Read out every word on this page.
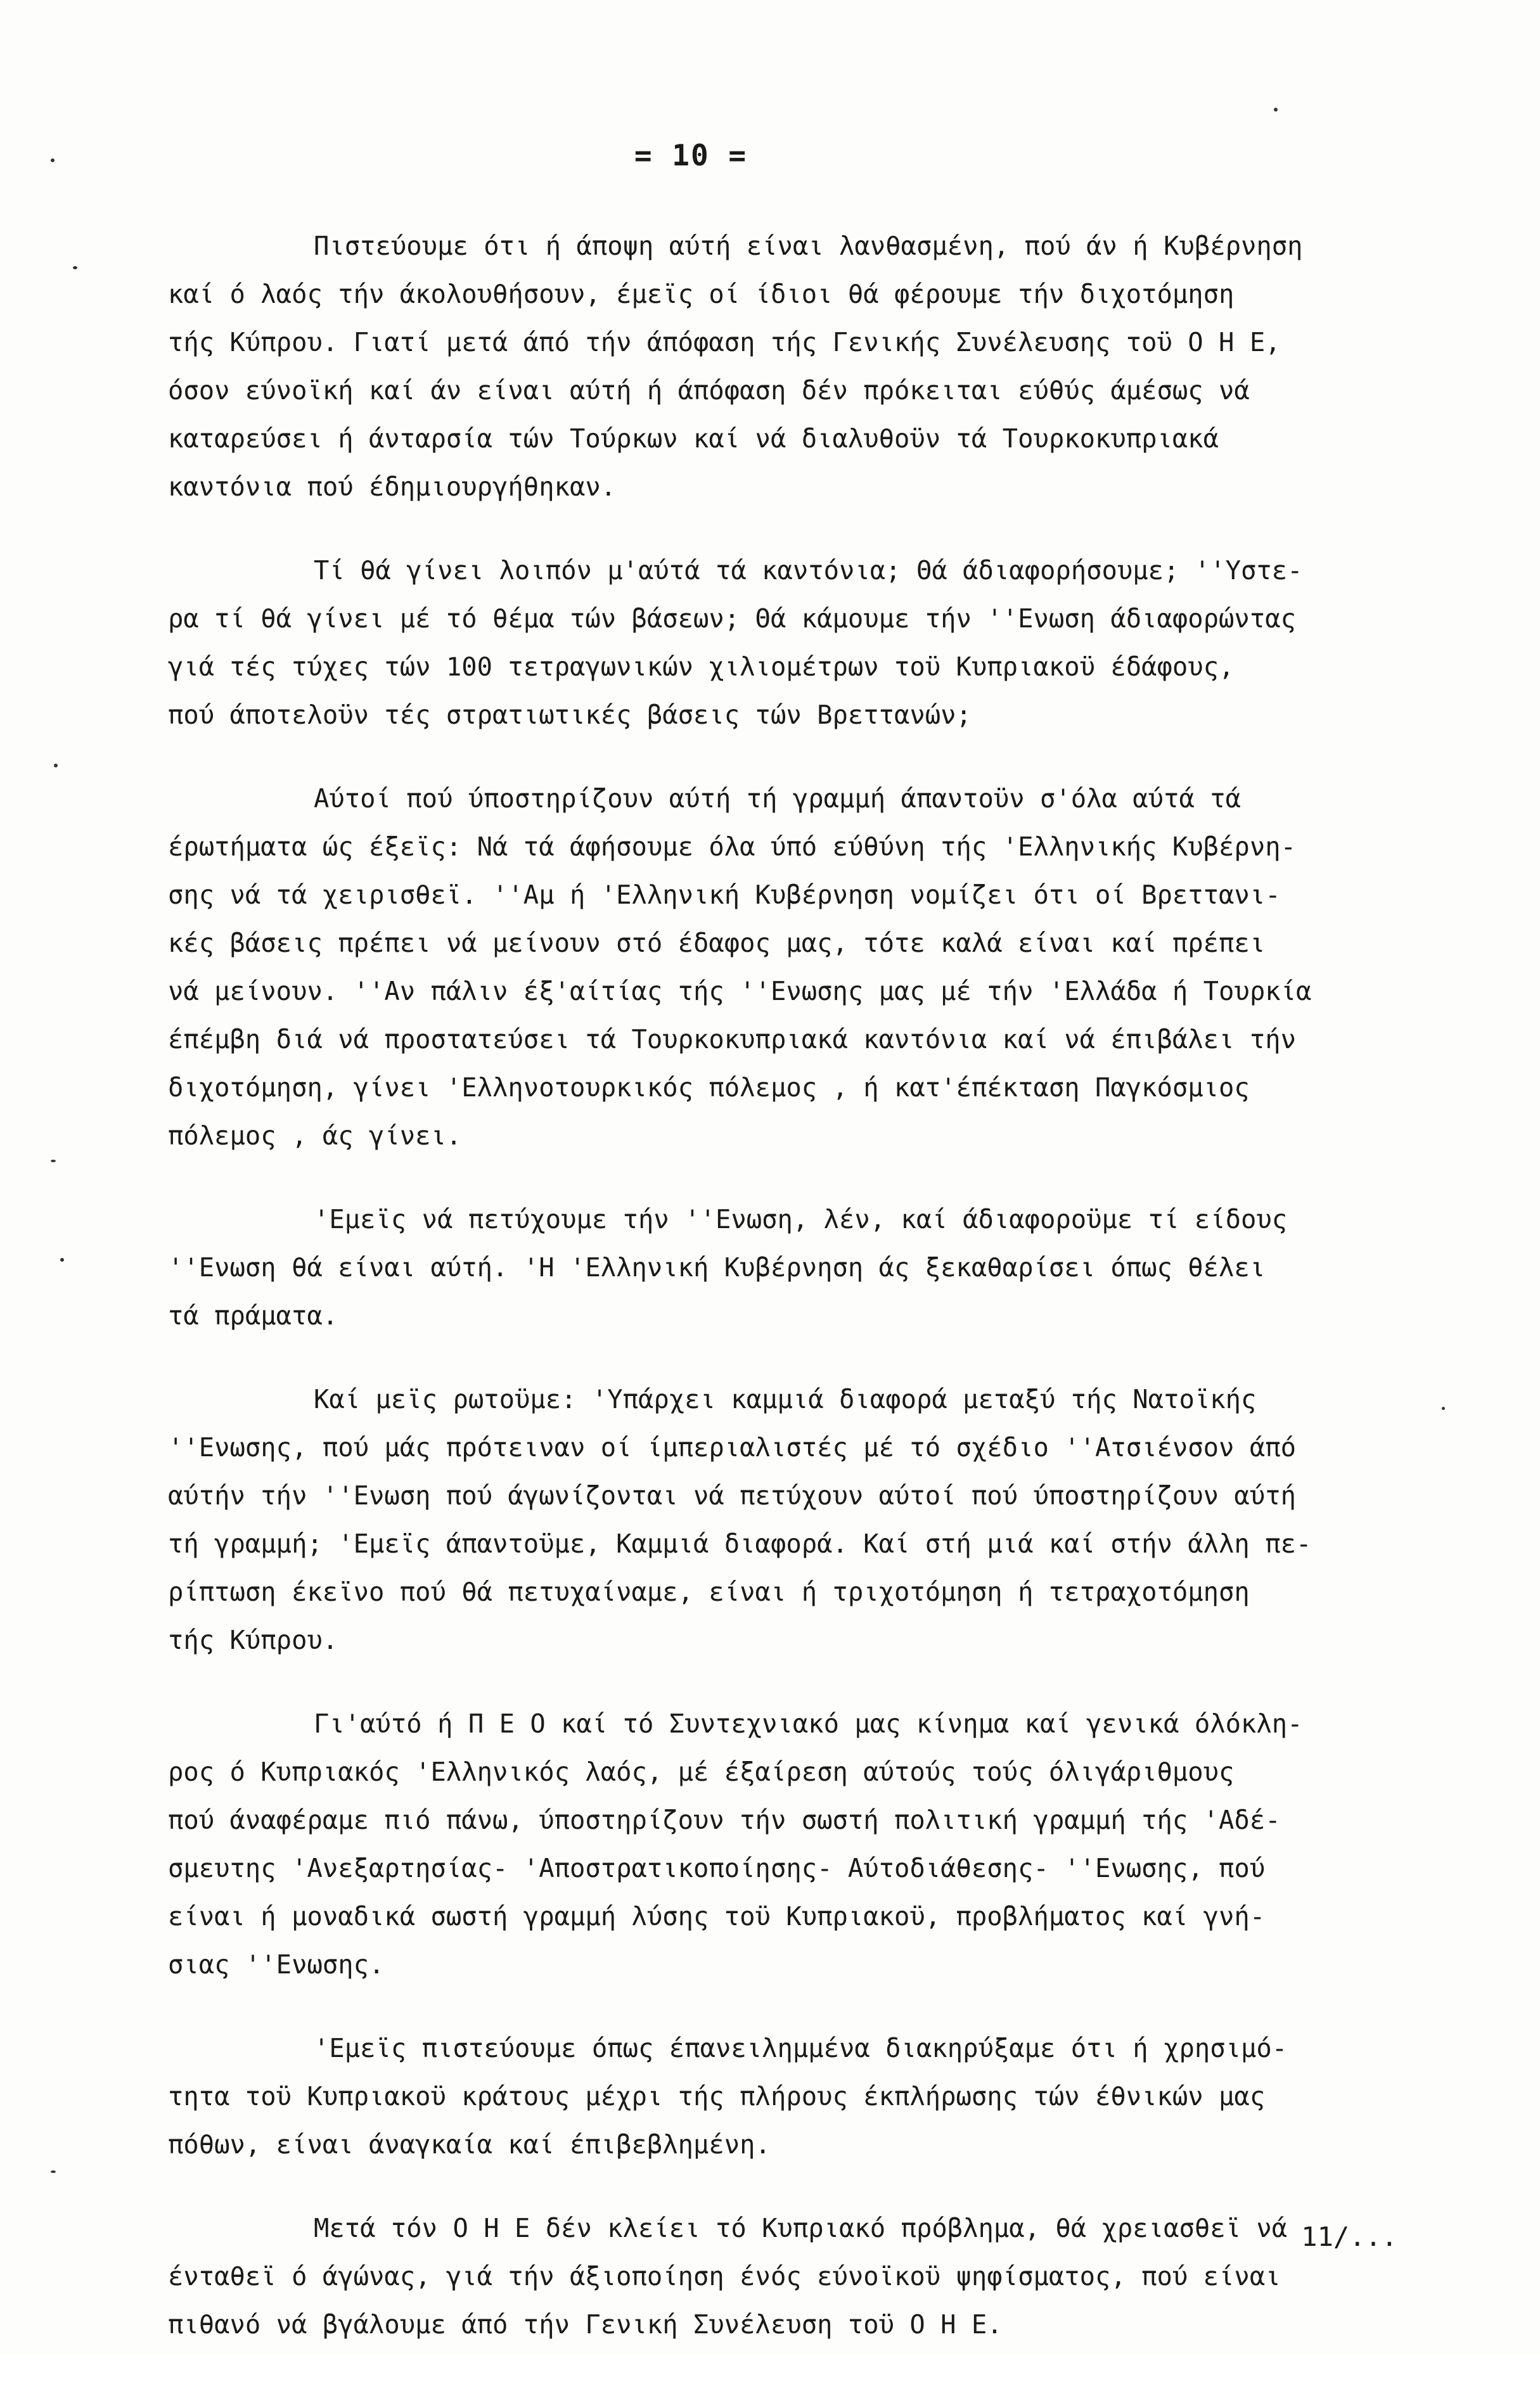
= 10 =
Πιστεύουμε ότι ή άποψη αύτή είναι λανθασμένη, πού άν ή Κυβέρνηση
καί ό λαός τήν άκολουθήσουν, έμεϊς οί ίδιοι θά φέρουμε τήν διχοτόμηση
τής Κύπρου. Γιατί μετά άπό τήν άπόφαση τής Γενικής Συνέλευσης τοϋ Ο Η Ε,
όσον εύνοϊκή καί άν είναι αύτή ή άπόφαση δέν πρόκειται εύθύς άμέσως νά
καταρεύσει ή άνταρσία τών Τούρκων καί νά διαλυθοϋν τά Τουρκοκυπριακά
καντόνια πού έδημιουργήθηκαν.
Τί θά γίνει λοιπόν μ'αύτά τά καντόνια; Θά άδιαφορήσουμε; ''Υστε-
ρα τί θά γίνει μέ τό θέμα τών βάσεων; Θά κάμουμε τήν ''Ενωση άδιαφορώντας
γιά τές τύχες τών 100 τετραγωνικών χιλιομέτρων τοϋ Κυπριακοϋ έδάφους,
πού άποτελοϋν τές στρατιωτικές βάσεις τών Βρεττανών;
Αύτοί πού ύποστηρίζουν αύτή τή γραμμή άπαντοϋν σ'όλα αύτά τά
έρωτήματα ώς έξεϊς: Νά τά άφήσουμε όλα ύπό εύθύνη τής 'Ελληνικής Κυβέρνη-
σης νά τά χειρισθεϊ. ''Αμ ή 'Ελληνική Κυβέρνηση νομίζει ότι οί Βρεττανι-
κές βάσεις πρέπει νά μείνουν στό έδαφος μας, τότε καλά είναι καί πρέπει
νά μείνουν. ''Αν πάλιν έξ'αίτίας τής ''Ενωσης μας μέ τήν 'Ελλάδα ή Τουρκία
έπέμβη διά νά προστατεύσει τά Τουρκοκυπριακά καντόνια καί νά έπιβάλει τήν
διχοτόμηση, γίνει 'Ελληνοτουρκικός πόλεμος , ή κατ'έπέκταση Παγκόσμιος
πόλεμος , άς γίνει.
'Εμεϊς νά πετύχουμε τήν ''Ενωση, λέν, καί άδιαφοροϋμε τί είδους
''Ενωση θά είναι αύτή. 'Η 'Ελληνική Κυβέρνηση άς ξεκαθαρίσει όπως θέλει
τά πράματα.
Καί μεϊς ρωτοϋμε: 'Υπάρχει καμμιά διαφορά μεταξύ τής Νατοϊκής
''Ενωσης, πού μάς πρότειναν οί ίμπεριαλιστές μέ τό σχέδιο ''Ατσιένσον άπό
αύτήν τήν ''Ενωση πού άγωνίζονται νά πετύχουν αύτοί πού ύποστηρίζουν αύτή
τή γραμμή; 'Εμεϊς άπαντοϋμε, Καμμιά διαφορά. Καί στή μιά καί στήν άλλη πε-
ρίπτωση έκεϊνο πού θά πετυχαίναμε, είναι ή τριχοτόμηση ή τετραχοτόμηση
τής Κύπρου.
Γι'αύτό ή Π Ε Ο καί τό Συντεχνιακό μας κίνημα καί γενικά όλόκλη-
ρος ό Κυπριακός 'Ελληνικός λαός, μέ έξαίρεση αύτούς τούς όλιγάριθμους
πού άναφέραμε πιό πάνω, ύποστηρίζουν τήν σωστή πολιτική γραμμή τής 'Αδέ-
σμευτης 'Ανεξαρτησίας- 'Αποστρατικοποίησης- Αύτοδιάθεσης- ''Ενωσης, πού
είναι ή μοναδικά σωστή γραμμή λύσης τοϋ Κυπριακοϋ, προβλήματος καί γνή-
σιας ''Ενωσης.
'Εμεϊς πιστεύουμε όπως έπανειλημμένα διακηρύξαμε ότι ή χρησιμό-
τητα τοϋ Κυπριακοϋ κράτους μέχρι τής πλήρους έκπλήρωσης τών έθνικών μας
πόθων, είναι άναγκαία καί έπιβεβλημένη.
Μετά τόν Ο Η Ε δέν κλείει τό Κυπριακό πρόβλημα, θά χρειασθεϊ νά
ένταθεϊ ό άγώνας, γιά τήν άξιοποίηση ένός εύνοϊκοϋ ψηφίσματος, πού είναι
πιθανό νά βγάλουμε άπό τήν Γενική Συνέλευση τοϋ Ο Η Ε.
11/...
